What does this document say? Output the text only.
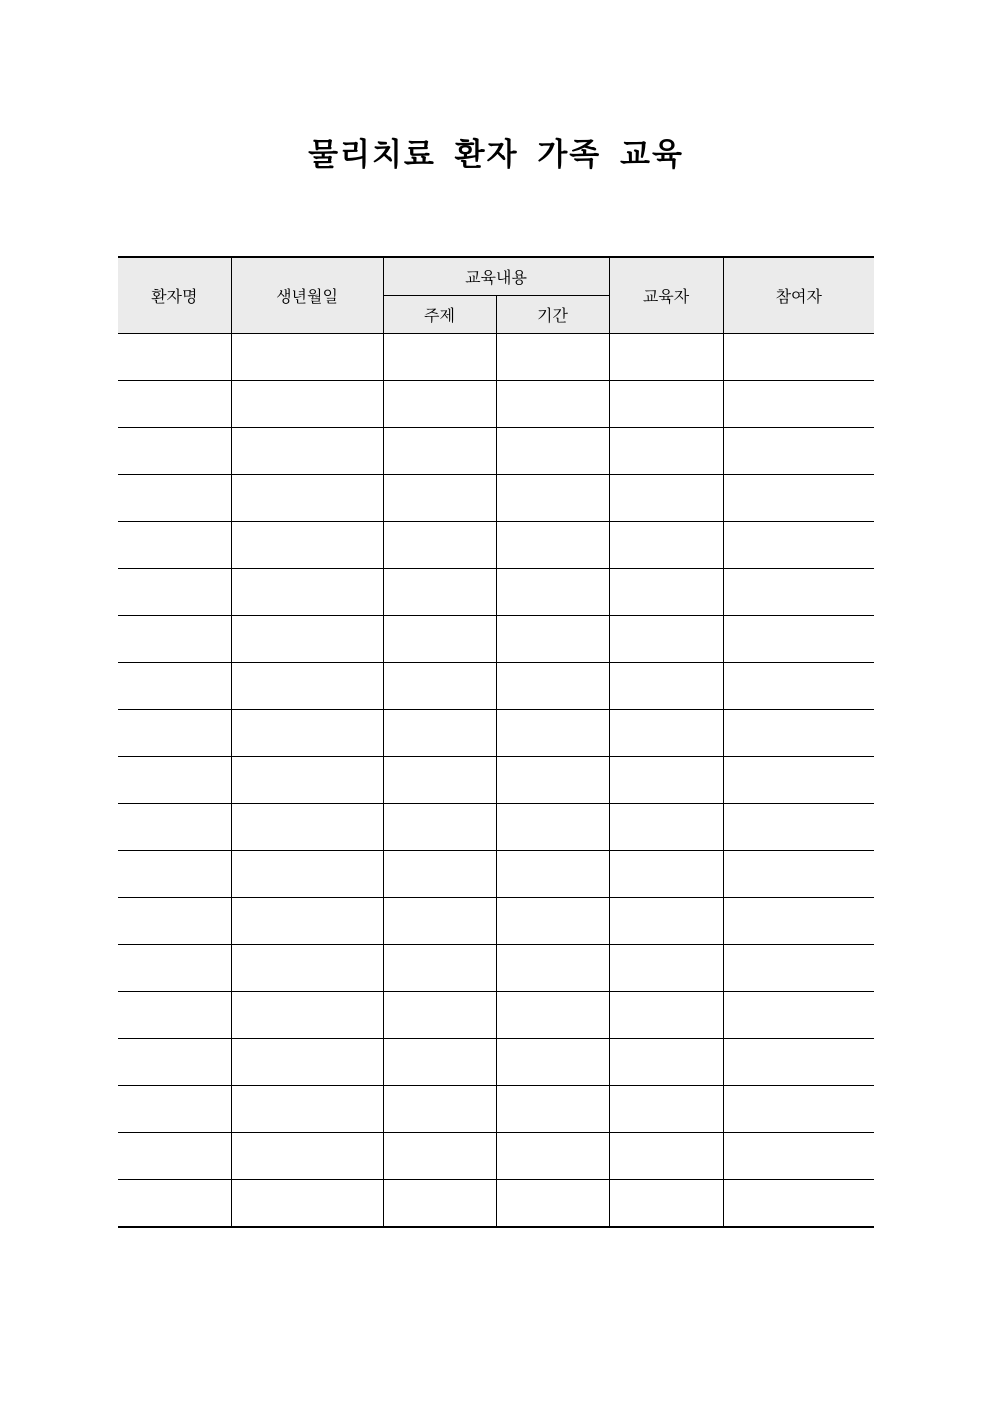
물리치료 환자 가족 교육
환자명	생년월일	교육내용		교육자	참여자
		주제	기간		
